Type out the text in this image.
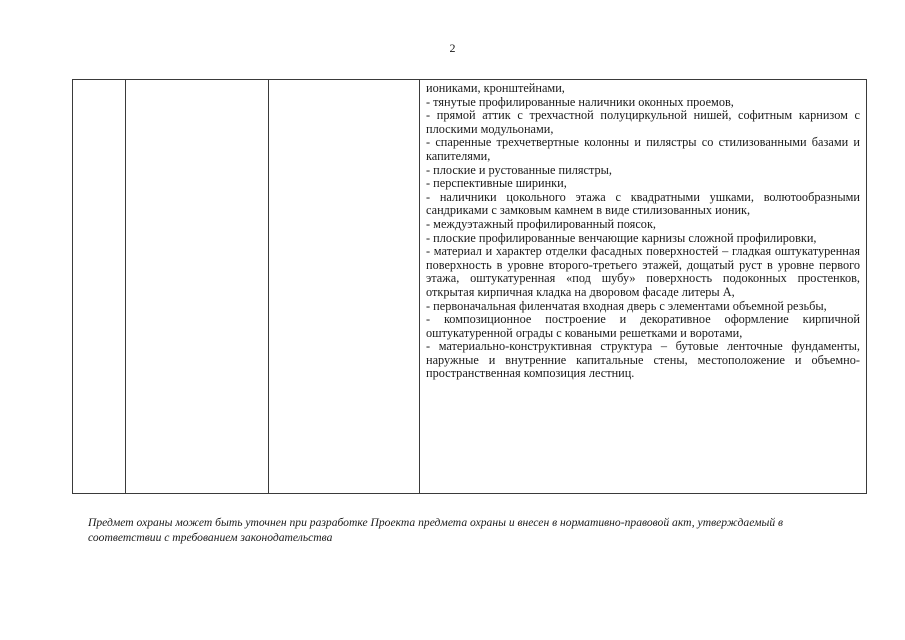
2

иониками, кронштейнами,

- тянутые профилированные наличники оконных проемов,

- прямой аттик с трехчастной полуциркульной нишей, софитным карнизом с плоскими модульонами,

- спаренные трехчетвертные колонны и пилястры со стилизованными базами и капителями,

- плоские и рустованные пилястры,

- перспективные ширинки,

- наличники цокольного этажа с квадратными ушками, волютообразными сандриками с замковым камнем в виде стилизованных ионик,

- междуэтажный профилированный поясок,

- плоские профилированные венчающие карнизы сложной профилировки,

- материал и характер отделки фасадных поверхностей – гладкая оштукатуренная поверхность в уровне второго-третьего этажей, дощатый руст в уровне первого этажа, оштукатуренная «под шубу» поверхность подоконных простенков, открытая кирпичная кладка на дворовом фасаде литеры А,

- первоначальная филенчатая входная дверь с элементами объемной резьбы,

- композиционное построение и декоративное оформление кирпичной оштукатуренной ограды с коваными решетками и воротами,

- материально-конструктивная структура – бутовые ленточные фундаменты, наружные и внутренние капитальные стены, местоположение и объемно-пространственная композиция лестниц.

Предмет охраны может быть уточнен при разработке Проекта предмета охраны и внесен в нормативно-правовой акт, утверждаемый в соответствии с требованием законодательства
